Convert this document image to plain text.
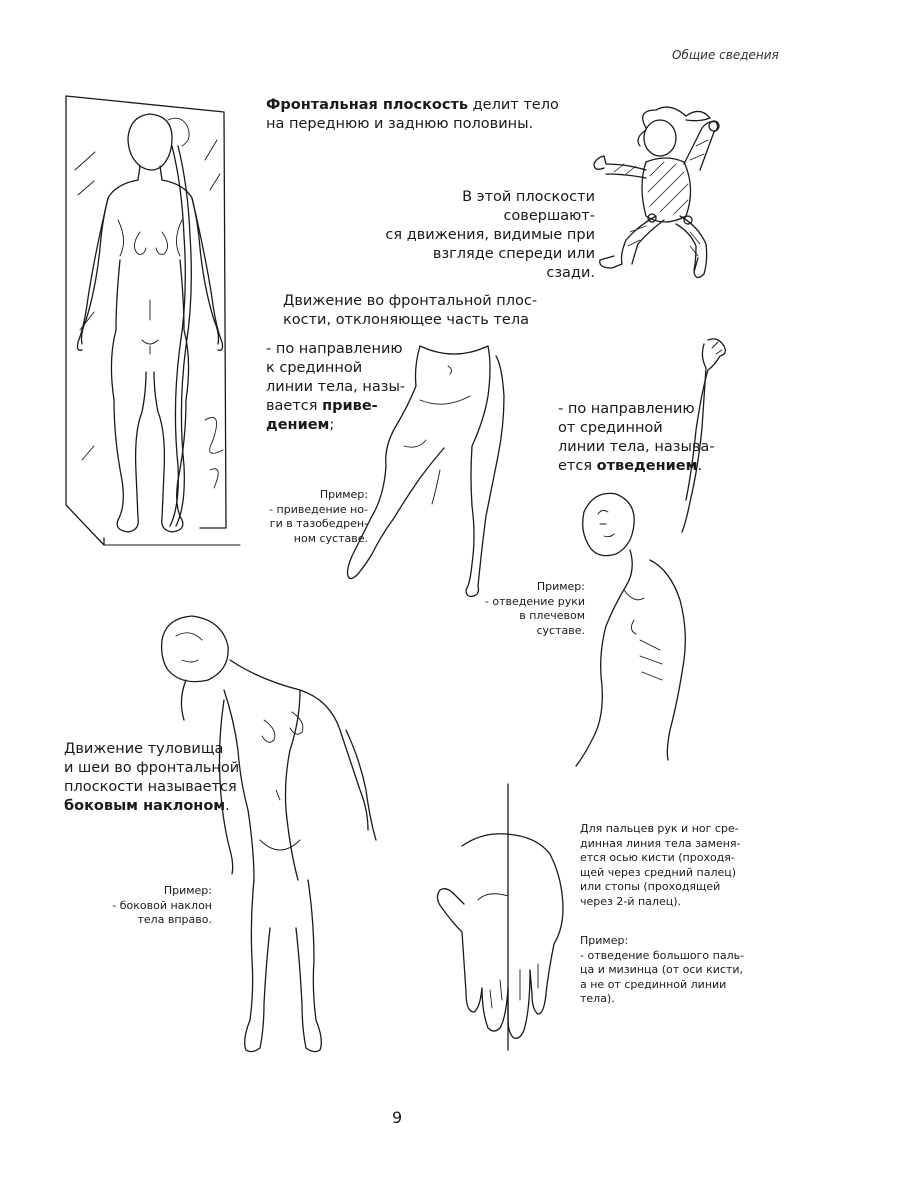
Общие сведения
Фронтальная плоскость делит тело
на переднюю и заднюю половины.
В этой плоскости совершают-
ся движения, видимые при
взгляде спереди или сзади.
Движение во фронтальной плос-
кости, отклоняющее часть тела
- по направлению
к срединной
линии тела, назы-
вается приве-
дением;
Пример:
- приведение но-
ги в тазобедрен-
ном суставе.
- по направлению
от срединной
линии тела, называ-
ется отведением.
Пример:
- отведение руки
в плечевом суставе.
Движение туловища
и шеи во фронтальной
плоскости называется
боковым наклоном.
Пример:
- боковой наклон
тела вправо.
Для пальцев рук и ног сре-
динная линия тела заменя-
ется осью кисти (проходя-
щей через средний палец)
или стопы (проходящей
через 2-й палец).
Пример:
- отведение большого паль-
ца и мизинца (от оси кисти,
а не от срединной линии
тела).
9
